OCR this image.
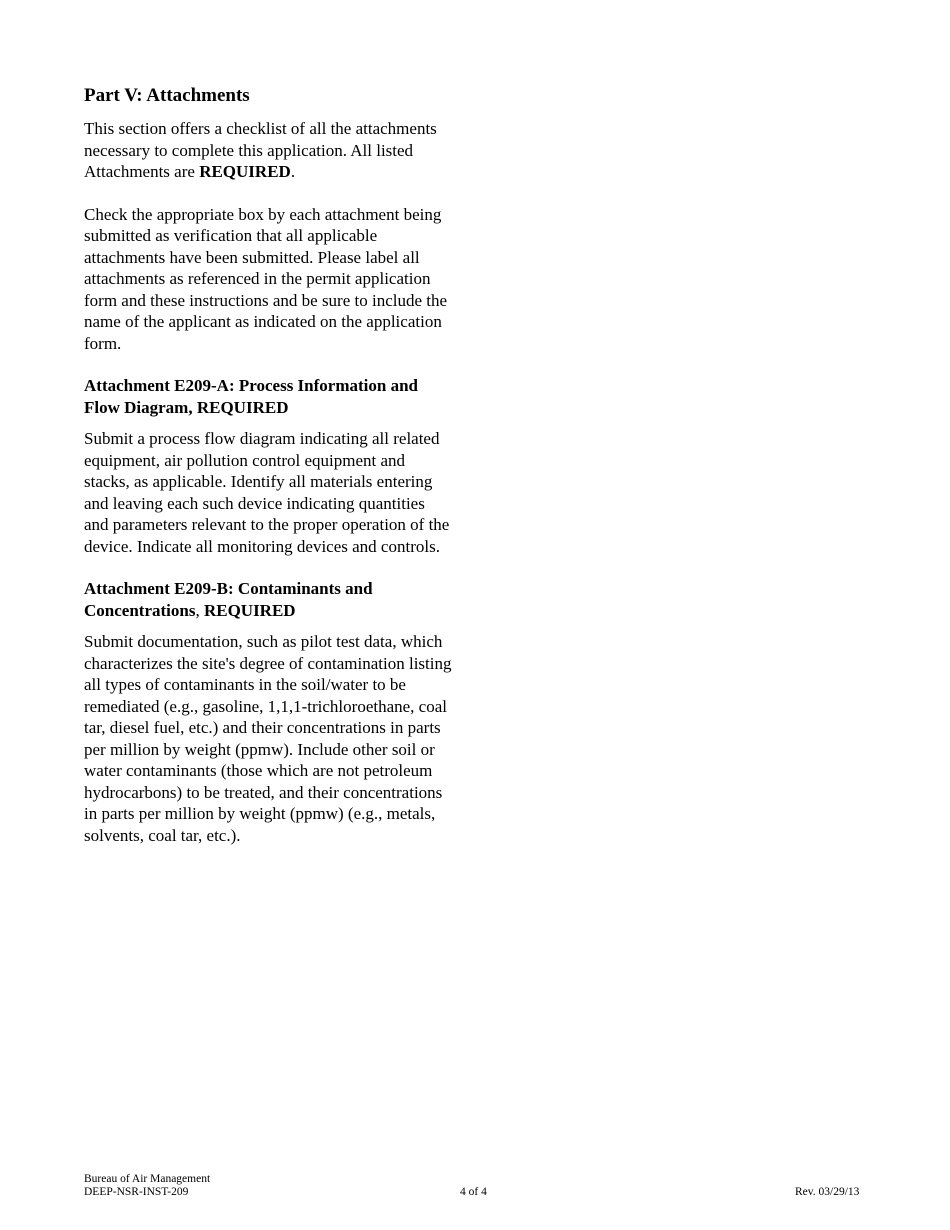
Part V: Attachments

This section offers a checklist of all the attachments necessary to complete this application. All listed Attachments are REQUIRED.

Check the appropriate box by each attachment being submitted as verification that all applicable attachments have been submitted. Please label all attachments as referenced in the permit application form and these instructions and be sure to include the name of the applicant as indicated on the application form.

Attachment E209-A: Process Information and Flow Diagram, REQUIRED

Submit a process flow diagram indicating all related equipment, air pollution control equipment and stacks, as applicable. Identify all materials entering and leaving each such device indicating quantities and parameters relevant to the proper operation of the device. Indicate all monitoring devices and controls.

Attachment E209-B: Contaminants and Concentrations, REQUIRED

Submit documentation, such as pilot test data, which characterizes the site's degree of contamination listing all types of contaminants in the soil/water to be remediated (e.g., gasoline, 1,1,1-trichloroethane, coal tar, diesel fuel, etc.) and their concentrations in parts per million by weight (ppmw). Include other soil or water contaminants (those which are not petroleum hydrocarbons) to be treated, and their concentrations in parts per million by weight (ppmw) (e.g., metals, solvents, coal tar, etc.).

Bureau of Air Management
DEEP-NSR-INST-209	4 of 4	Rev. 03/29/13
